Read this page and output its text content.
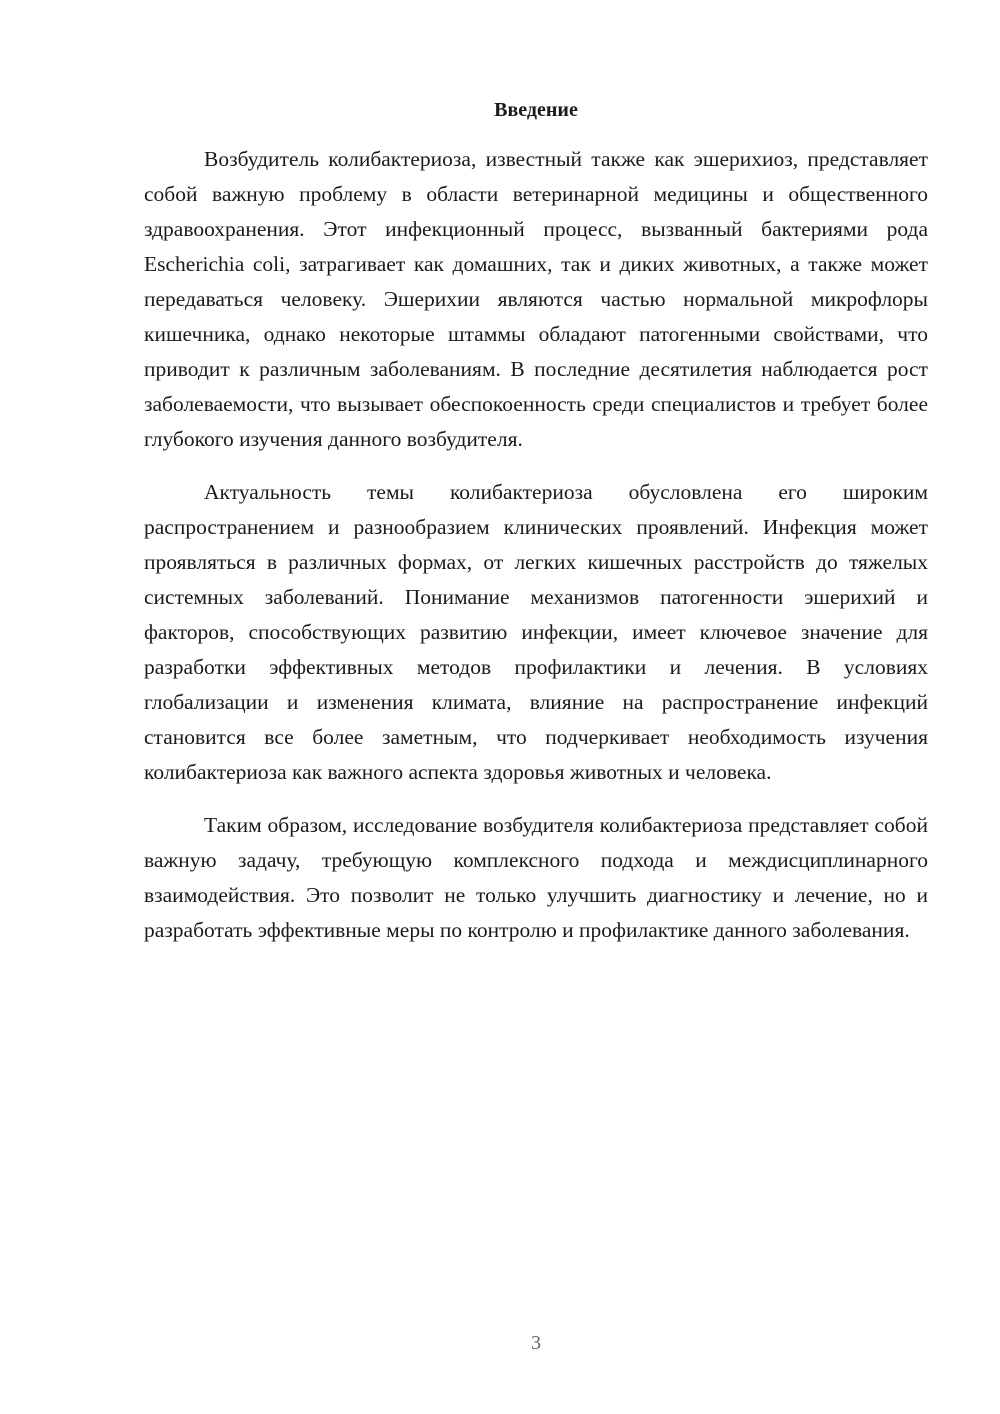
Введение

Возбудитель колибактериоза, известный также как эшерихиоз, представляет собой важную проблему в области ветеринарной медицины и общественного здравоохранения. Этот инфекционный процесс, вызванный бактериями рода Escherichia coli, затрагивает как домашних, так и диких животных, а также может передаваться человеку. Эшерихии являются частью нормальной микрофлоры кишечника, однако некоторые штаммы обладают патогенными свойствами, что приводит к различным заболеваниям. В последние десятилетия наблюдается рост заболеваемости, что вызывает обеспокоенность среди специалистов и требует более глубокого изучения данного возбудителя.

Актуальность темы колибактериоза обусловлена его широким распространением и разнообразием клинических проявлений. Инфекция может проявляться в различных формах, от легких кишечных расстройств до тяжелых системных заболеваний. Понимание механизмов патогенности эшерихий и факторов, способствующих развитию инфекции, имеет ключевое значение для разработки эффективных методов профилактики и лечения. В условиях глобализации и изменения климата, влияние на распространение инфекций становится все более заметным, что подчеркивает необходимость изучения колибактериоза как важного аспекта здоровья животных и человека.

Таким образом, исследование возбудителя колибактериоза представляет собой важную задачу, требующую комплексного подхода и междисциплинарного взаимодействия. Это позволит не только улучшить диагностику и лечение, но и разработать эффективные меры по контролю и профилактике данного заболевания.

3
